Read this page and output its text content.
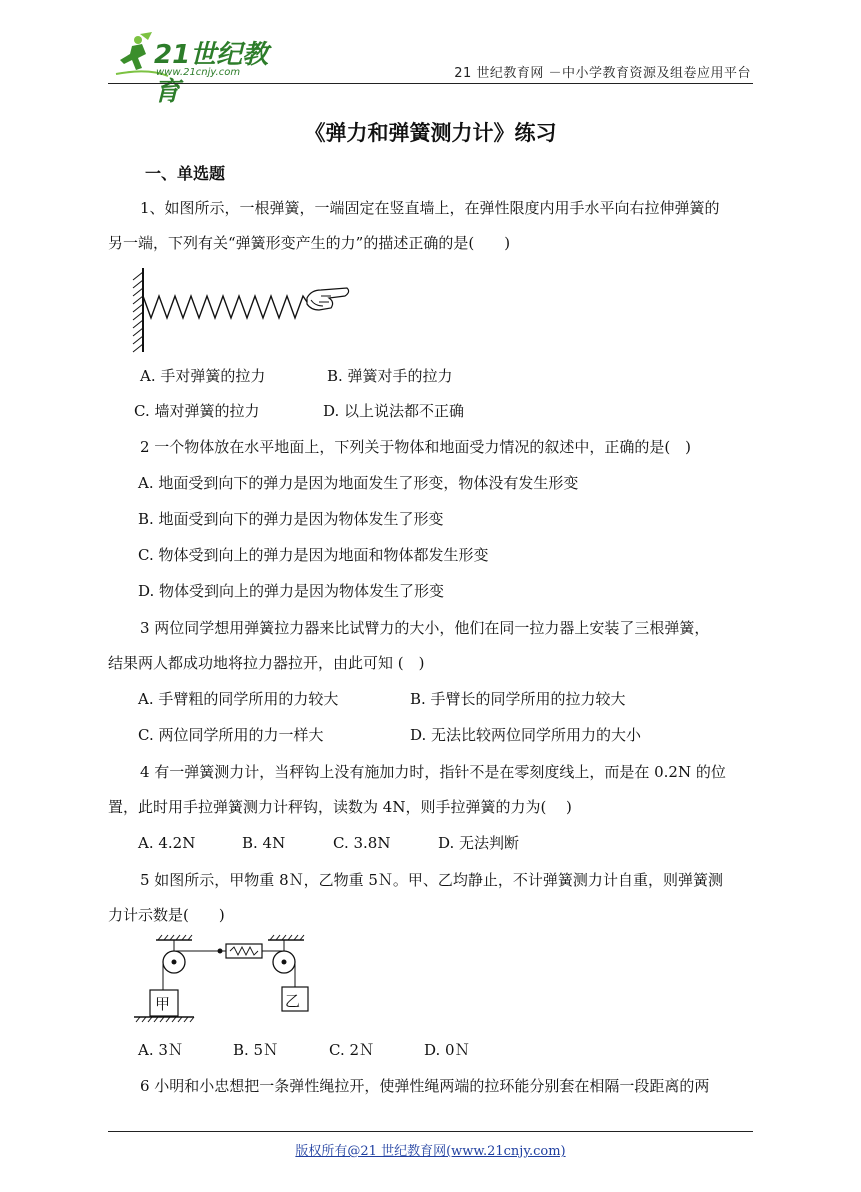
21世纪教育
www.21cnjy.com	21 世纪教育网 －中小学教育资源及组卷应用平台
《弹力和弹簧测力计》练习
一、单选题
1、如图所示，一根弹簧，一端固定在竖直墙上，在弹性限度内用手水平向右拉伸弹簧的
另一端，下列有关“弹簧形变产生的力”的描述正确的是(　　)
A. 手对弹簧的拉力	B. 弹簧对手的拉力
C. 墙对弹簧的拉力	D. 以上说法都不正确
2 一个物体放在水平地面上，下列关于物体和地面受力情况的叙述中，正确的是(　)
A. 地面受到向下的弹力是因为地面发生了形变，物体没有发生形变
B. 地面受到向下的弹力是因为物体发生了形变
C. 物体受到向上的弹力是因为地面和物体都发生形变
D. 物体受到向上的弹力是因为物体发生了形变
3 两位同学想用弹簧拉力器来比试臂力的大小，他们在同一拉力器上安装了三根弹簧，
结果两人都成功地将拉力器拉开，由此可知 (　)
A. 手臂粗的同学所用的力较大	B. 手臂长的同学所用的拉力较大
C. 两位同学所用的力一样大	D. 无法比较两位同学所用力的大小
4 有一弹簧测力计，当秤钩上没有施加力时，指针不是在零刻度线上，而是在 0.2N 的位
置，此时用手拉弹簧测力计秤钩，读数为 4N，则手拉弹簧的力为(　 )
A. 4.2N	B. 4N	C. 3.8N	D. 无法判断
5 如图所示，甲物重 8Ｎ，乙物重 5Ｎ。甲、乙均静止，不计弹簧测力计自重，则弹簧测
力计示数是(　　)
甲	乙
A. 3Ｎ	B. 5Ｎ	C. 2Ｎ	D. 0Ｎ
6 小明和小忠想把一条弹性绳拉开，使弹性绳两端的拉环能分别套在相隔一段距离的两
版权所有@21 世纪教育网(www.21cnjy.com)
